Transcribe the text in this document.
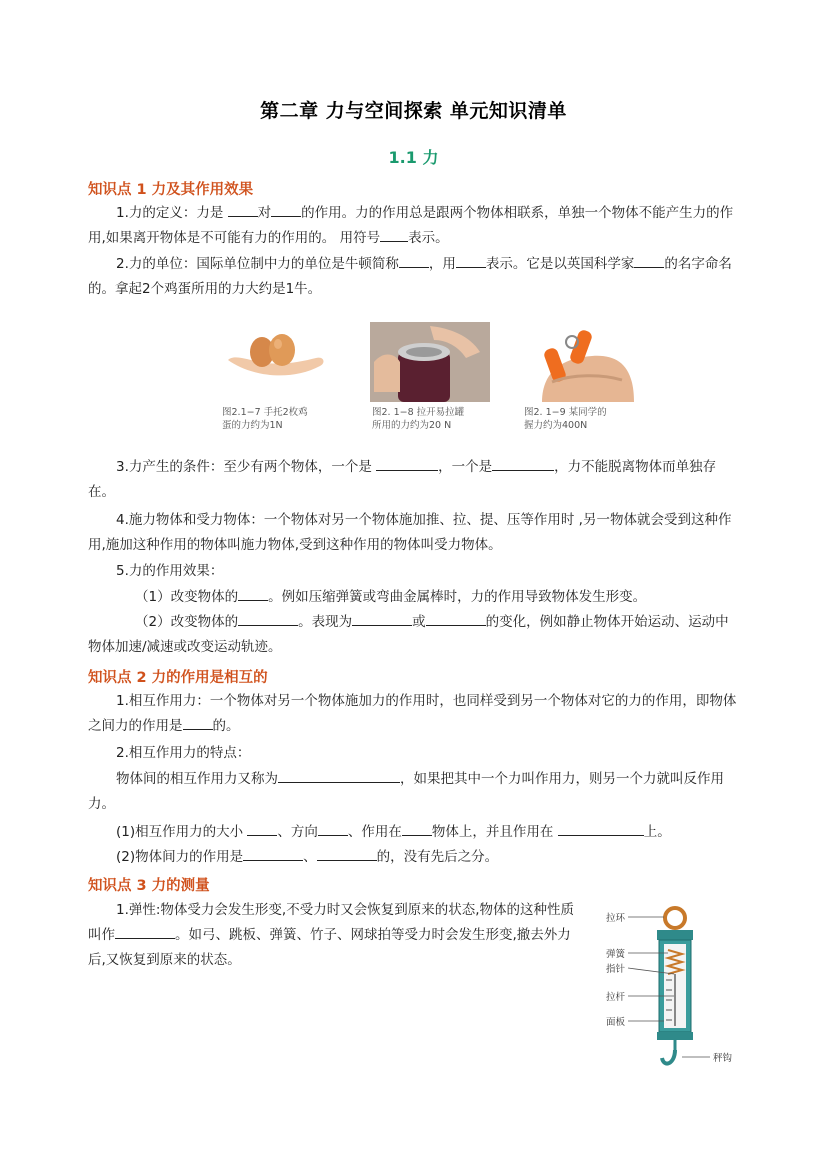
第二章 力与空间探索 单元知识清单
1.1 力
知识点 1 力及其作用效果
1.力的定义：力是 对 的作用。力的作用总是跟两个物体相联系，单独一个物体不能产生力的作用,如果离开物体是不可能有力的作用的。 用符号 表示。
2.力的单位：国际单位制中力的单位是牛顿简称 ，用 表示。它是以英国科学家 的名字命名的。拿起2个鸡蛋所用的力大约是1牛。
图2.1−7 手托2枚鸡
蛋的力约为1N
图2. 1−8 拉开易拉罐
所用的力约为20 N
图2. 1−9 某同学的
握力约为400N
3.力产生的条件：至少有两个物体，一个是	，一个是	，力不能脱离物体而单独存在。
4.施力物体和受力物体：一个物体对另一个物体施加推、拉、提、压等作用时 ,另一物体就会受到这种作用,施加这种作用的物体叫施力物体,受到这种作用的物体叫受力物体。
5.力的作用效果：
（1）改变物体的 。例如压缩弹簧或弯曲金属棒时，力的作用导致物体发生形变。
（2）改变物体的	。表现为	或	的变化，例如静止物体开始运动、运动中物体加速/减速或改变运动轨迹。
知识点 2 力的作用是相互的
1.相互作用力：一个物体对另一个物体施加力的作用时，也同样受到另一个物体对它的力的作用，即物体之间力的作用是 的。
2.相互作用力的特点：
物体间的相互作用力又称为	，如果把其中一个力叫作用力，则另一个力就叫反作用力。
(1)相互作用力的大小 、方向 、作用在 物体上，并且作用在	上。
(2)物体间力的作用是	、	的，没有先后之分。
知识点 3 力的测量
1.弹性:物体受力会发生形变,不受力时又会恢复到原来的状态,物体的这种性质叫作	。如弓、跳板、弹簧、竹子、网球拍等受力时会发生形变,撤去外力后,又恢复到原来的状态。
拉环
弹簧
指针
拉杆
面板
秤钩
